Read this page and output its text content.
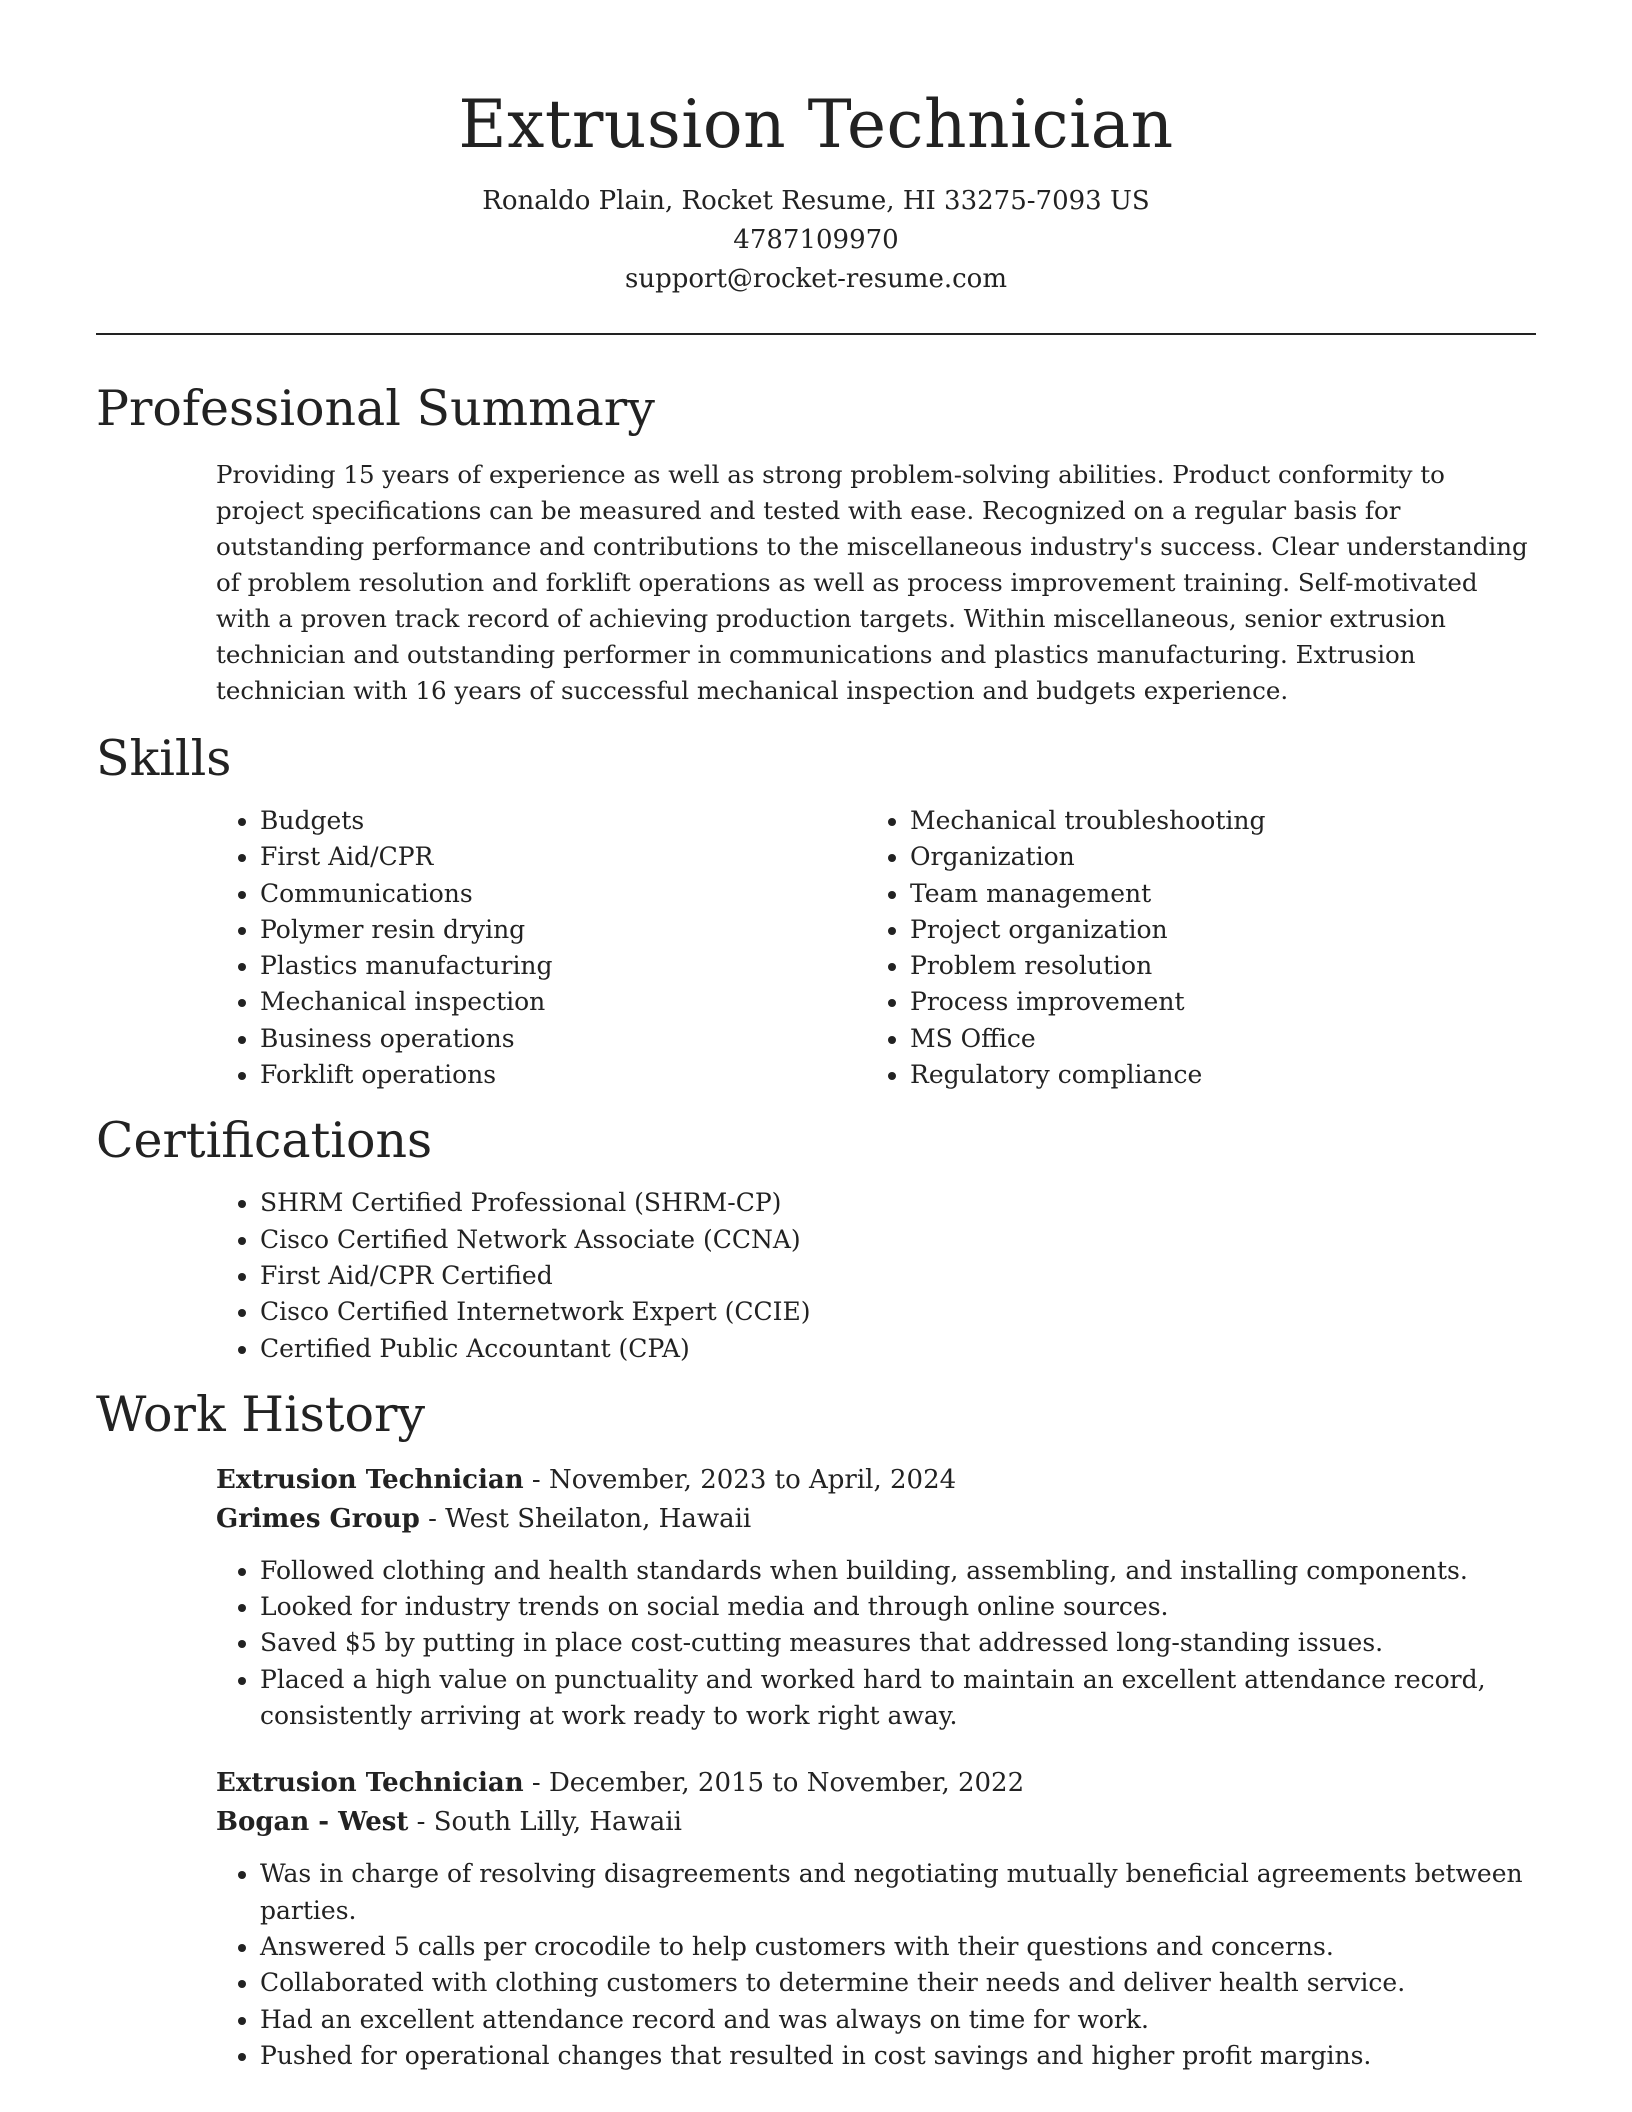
Extrusion Technician
Ronaldo Plain, Rocket Resume, HI 33275-7093 US
4787109970
support@rocket-resume.com
Professional Summary

Providing 15 years of experience as well as strong problem-solving abilities. Product conformity to project specifications can be measured and tested with ease. Recognized on a regular basis for outstanding performance and contributions to the miscellaneous industry's success. Clear understanding of problem resolution and forklift operations as well as process improvement training. Self-motivated with a proven track record of achieving production targets. Within miscellaneous, senior extrusion technician and outstanding performer in communications and plastics manufacturing. Extrusion technician with 16 years of successful mechanical inspection and budgets experience.

Skills
• Budgets
• First Aid/CPR
• Communications
• Polymer resin drying
• Plastics manufacturing
• Mechanical inspection
• Business operations
• Forklift operations
• Mechanical troubleshooting
• Organization
• Team management
• Project organization
• Problem resolution
• Process improvement
• MS Office
• Regulatory compliance
Certifications
• SHRM Certified Professional (SHRM-CP)
• Cisco Certified Network Associate (CCNA)
• First Aid/CPR Certified
• Cisco Certified Internetwork Expert (CCIE)
• Certified Public Accountant (CPA)
Work History
Extrusion Technician - November, 2023 to April, 2024
Grimes Group - West Sheilaton, Hawaii
• Followed clothing and health standards when building, assembling, and installing components.
• Looked for industry trends on social media and through online sources.
• Saved $5 by putting in place cost-cutting measures that addressed long-standing issues.
• Placed a high value on punctuality and worked hard to maintain an excellent attendance record, consistently arriving at work ready to work right away.
Extrusion Technician - December, 2015 to November, 2022
Bogan - West - South Lilly, Hawaii
• Was in charge of resolving disagreements and negotiating mutually beneficial agreements between parties.
• Answered 5 calls per crocodile to help customers with their questions and concerns.
• Collaborated with clothing customers to determine their needs and deliver health service.
• Had an excellent attendance record and was always on time for work.
• Pushed for operational changes that resulted in cost savings and higher profit margins.
